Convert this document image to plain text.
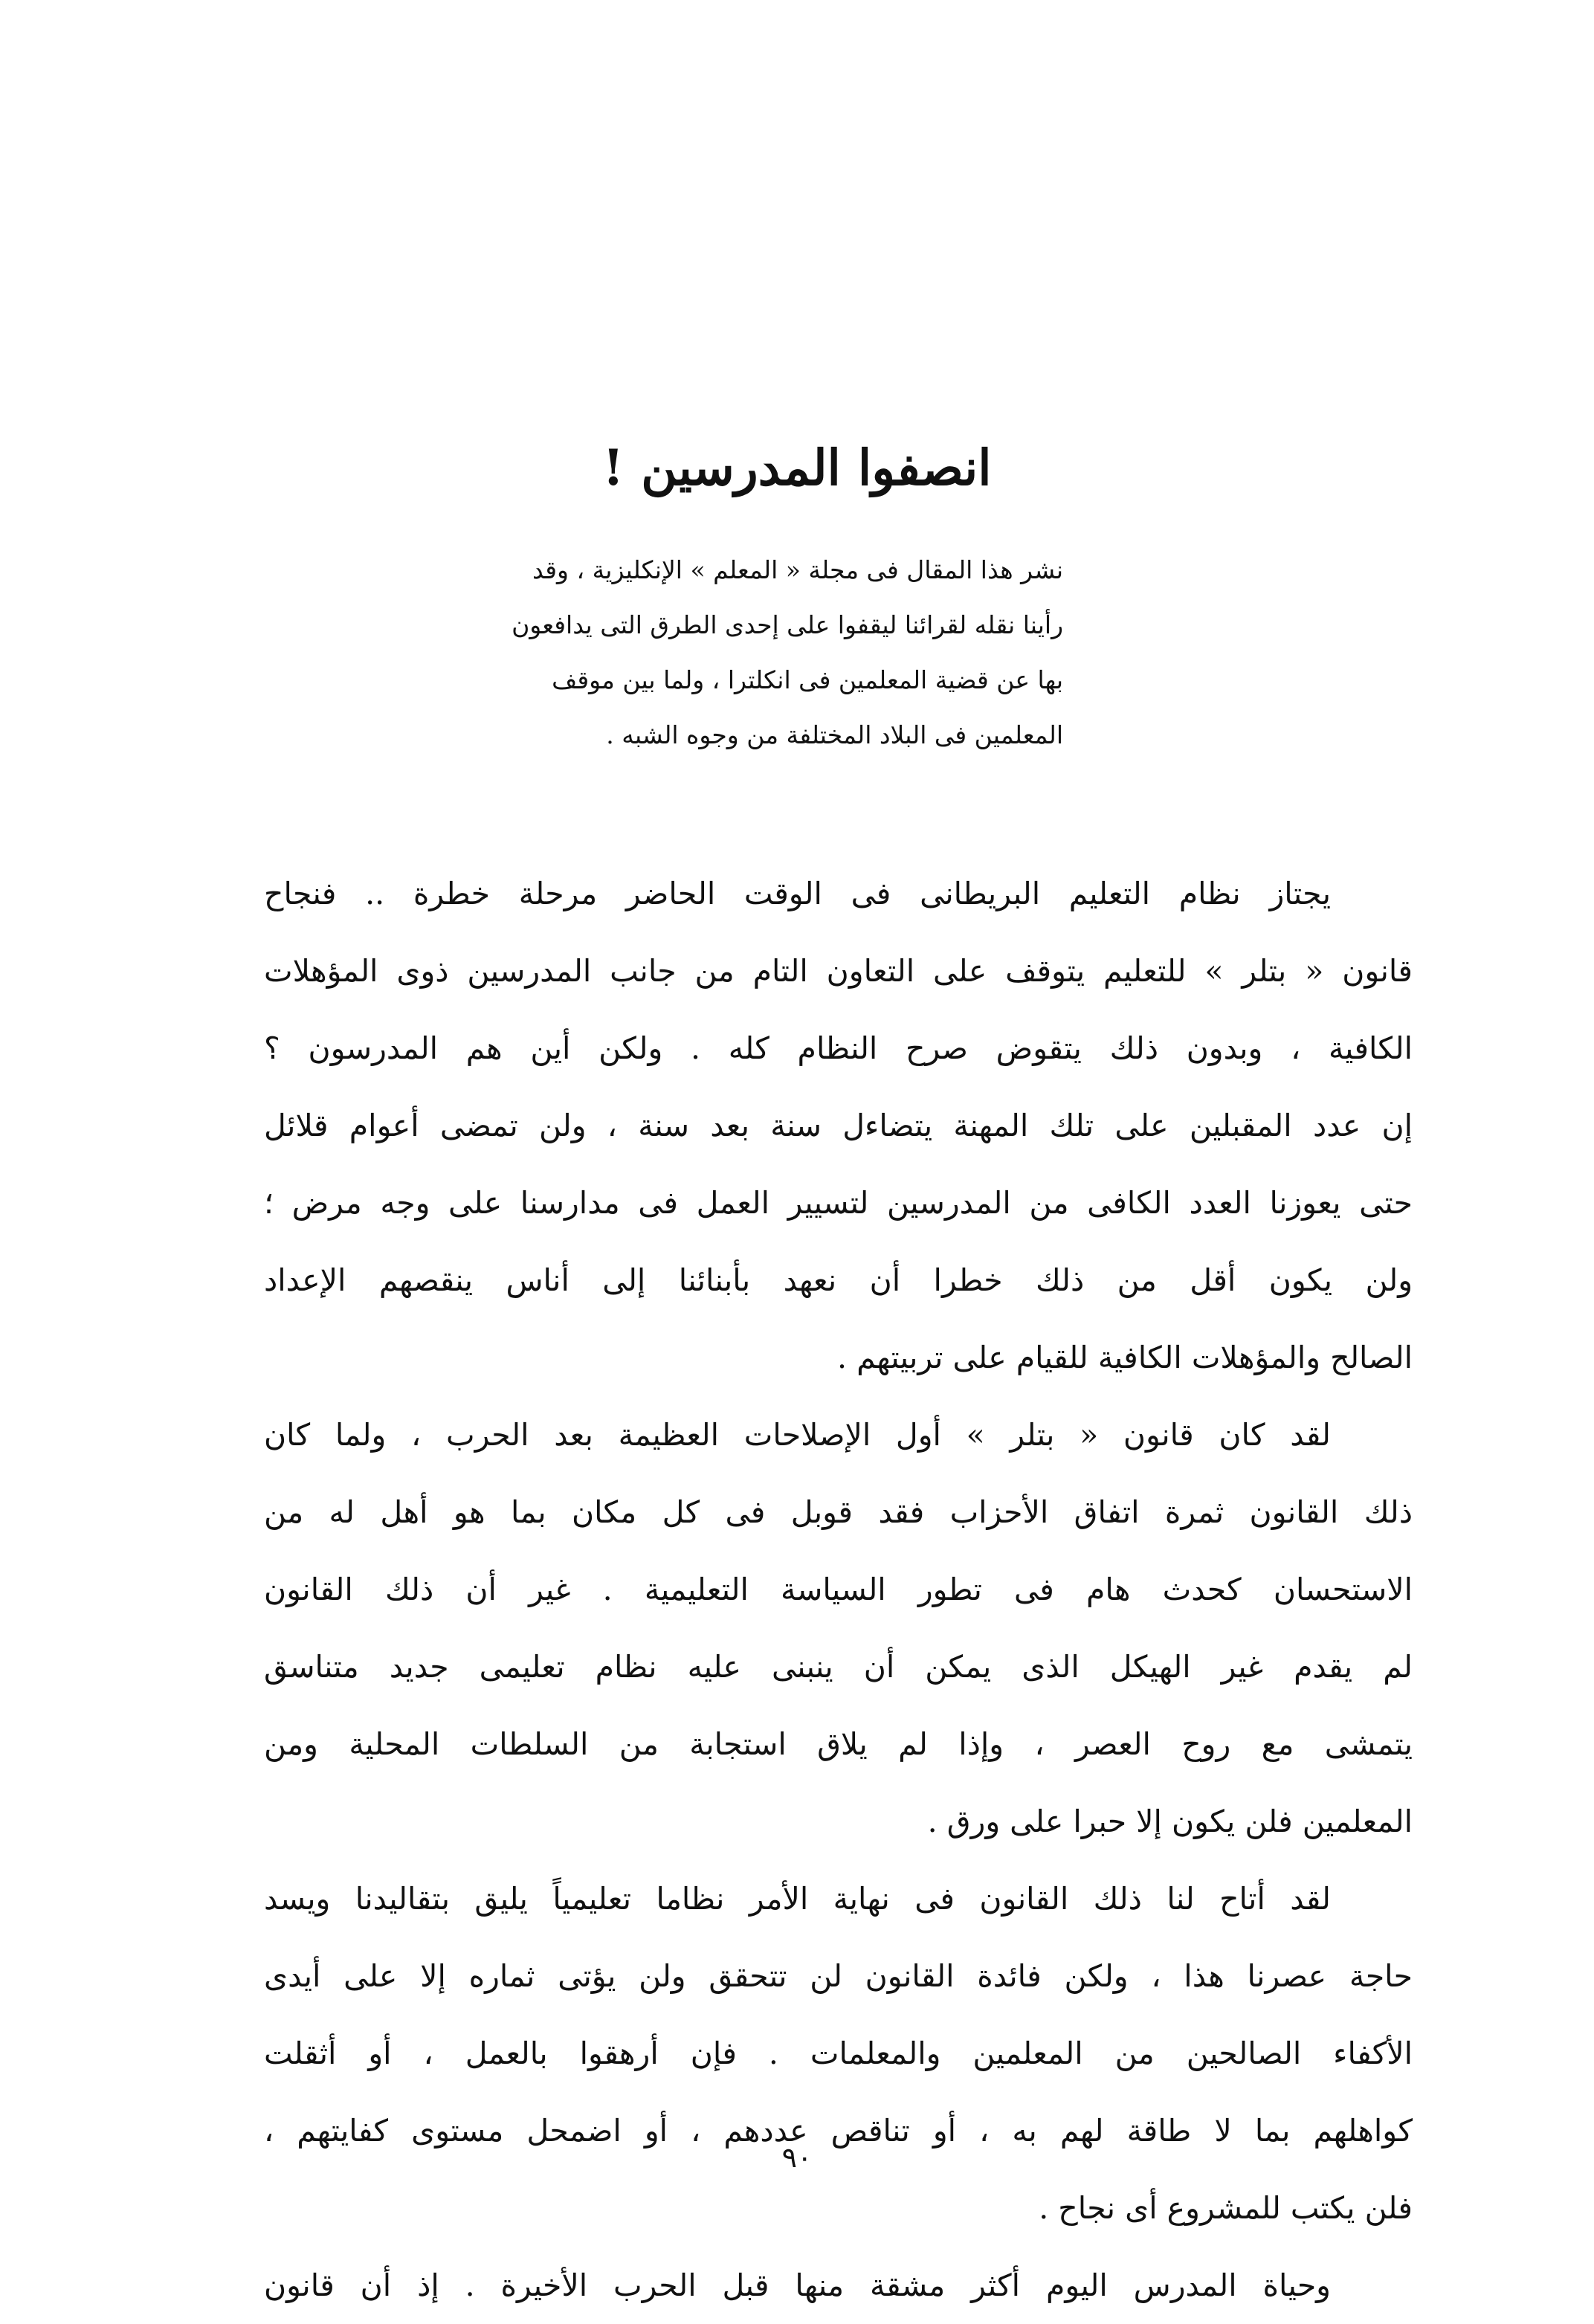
انصفوا المدرسين !
نشر هذا المقال فى مجلة « المعلم » الإنكليزية ، وقد
رأينا نقله لقرائنا ليقفوا على إحدى الطرق التى يدافعون
بها عن قضية المعلمين فى انكلترا ، ولما بين موقف
المعلمين فى البلاد المختلفة من وجوه الشبه .
يجتاز نظام التعليم البريطانى فى الوقت الحاضر مرحلة خطرة .. فنجاح
قانون « بتلر » للتعليم يتوقف على التعاون التام من جانب المدرسين ذوى المؤهلات
الكافية ، وبدون ذلك يتقوض صرح النظام كله . ولكن أين هم المدرسون ؟
إن عدد المقبلين على تلك المهنة يتضاءل سنة بعد سنة ، ولن تمضى أعوام قلائل
حتى يعوزنا العدد الكافى من المدرسين لتسيير العمل فى مدارسنا على وجه مرض ؛
ولن يكون أقل من ذلك خطرا أن نعهد بأبنائنا إلى أناس ينقصهم الإعداد
الصالح والمؤهلات الكافية للقيام على تربيتهم .
لقد كان قانون « بتلر » أول الإصلاحات العظيمة بعد الحرب ، ولما كان
ذلك القانون ثمرة اتفاق الأحزاب فقد قوبل فى كل مكان بما هو أهل له من
الاستحسان كحدث هام فى تطور السياسة التعليمية . غير أن ذلك القانون
لم يقدم غير الهيكل الذى يمكن أن ينبنى عليه نظام تعليمى جديد متناسق
يتمشى مع روح العصر ، وإذا لم يلاق استجابة من السلطات المحلية ومن
المعلمين فلن يكون إلا حبرا على ورق .
لقد أتاح لنا ذلك القانون فى نهاية الأمر نظاما تعليمياً يليق بتقاليدنا ويسد
حاجة عصرنا هذا ، ولكن فائدة القانون لن تتحقق ولن يؤتى ثماره إلا على أيدى
الأكفاء الصالحين من المعلمين والمعلمات . فإن أرهقوا بالعمل ، أو أثقلت
كواهلهم بما لا طاقة لهم به ، أو تناقص عددهم ، أو اضمحل مستوى كفايتهم ،
فلن يكتب للمشروع أى نجاح .
وحياة المدرس اليوم أكثر مشقة منها قبل الحرب الأخيرة . إذ أن قانون
٩٠
